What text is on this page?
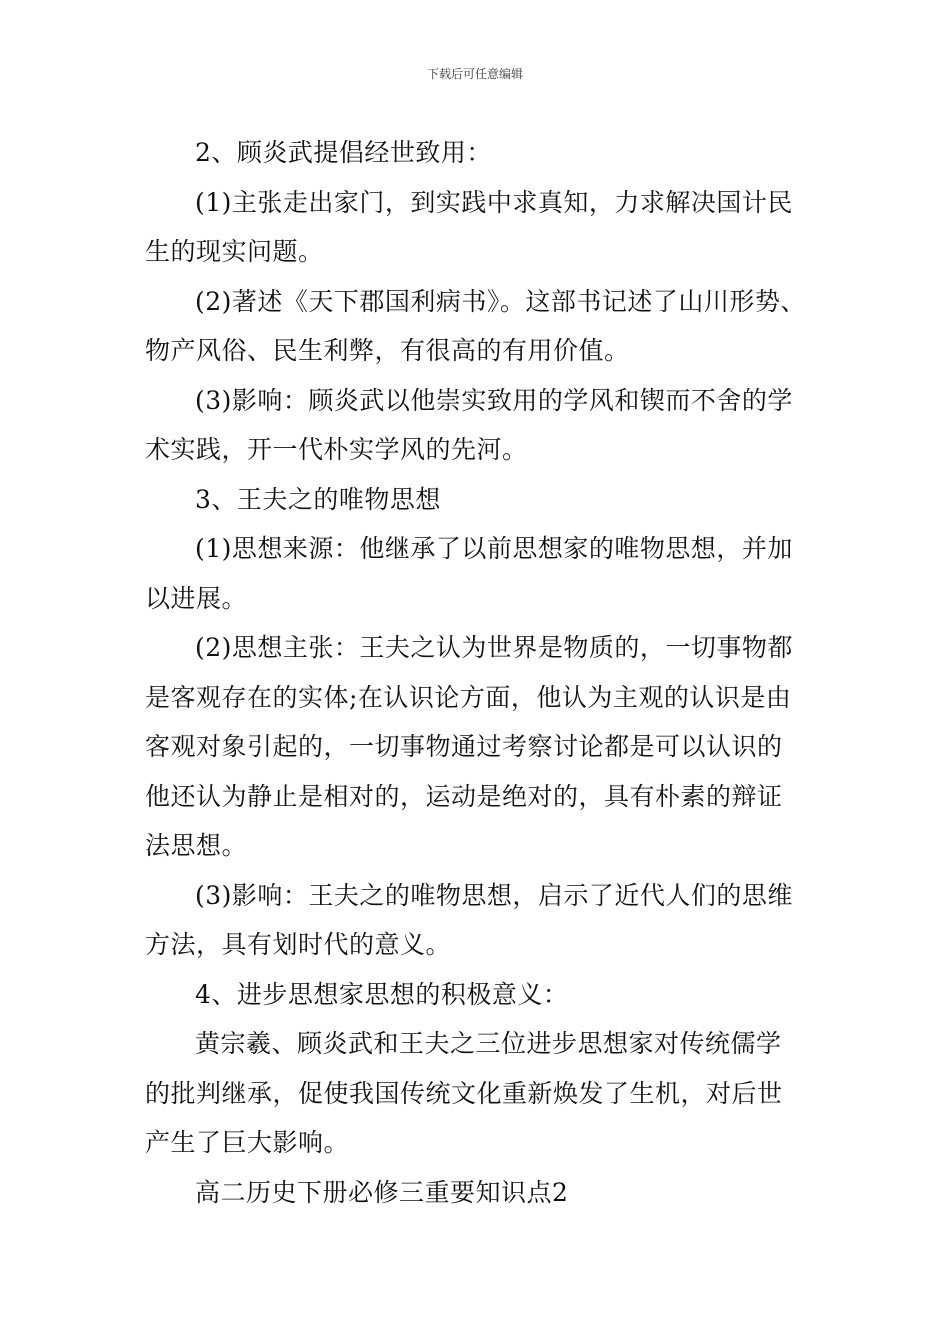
下载后可任意编辑

2、顾炎武提倡经世致用：

(1)主张走出家门，到实践中求真知，力求解决国计民
生的现实问题。

(2)著述《天下郡国利病书》。这部书记述了山川形势、
物产风俗、民生利弊，有很高的有用价值。

(3)影响：顾炎武以他崇实致用的学风和锲而不舍的学
术实践，开一代朴实学风的先河。

3、王夫之的唯物思想

(1)思想来源：他继承了以前思想家的唯物思想，并加
以进展。

(2)思想主张：王夫之认为世界是物质的，一切事物都
是客观存在的实体;在认识论方面，他认为主观的认识是由
客观对象引起的，一切事物通过考察讨论都是可以认识的
他还认为静止是相对的，运动是绝对的，具有朴素的辩证
法思想。

(3)影响：王夫之的唯物思想，启示了近代人们的思维
方法，具有划时代的意义。

4、进步思想家思想的积极意义：

黄宗羲、顾炎武和王夫之三位进步思想家对传统儒学
的批判继承，促使我国传统文化重新焕发了生机，对后世
产生了巨大影响。

高二历史下册必修三重要知识点2
